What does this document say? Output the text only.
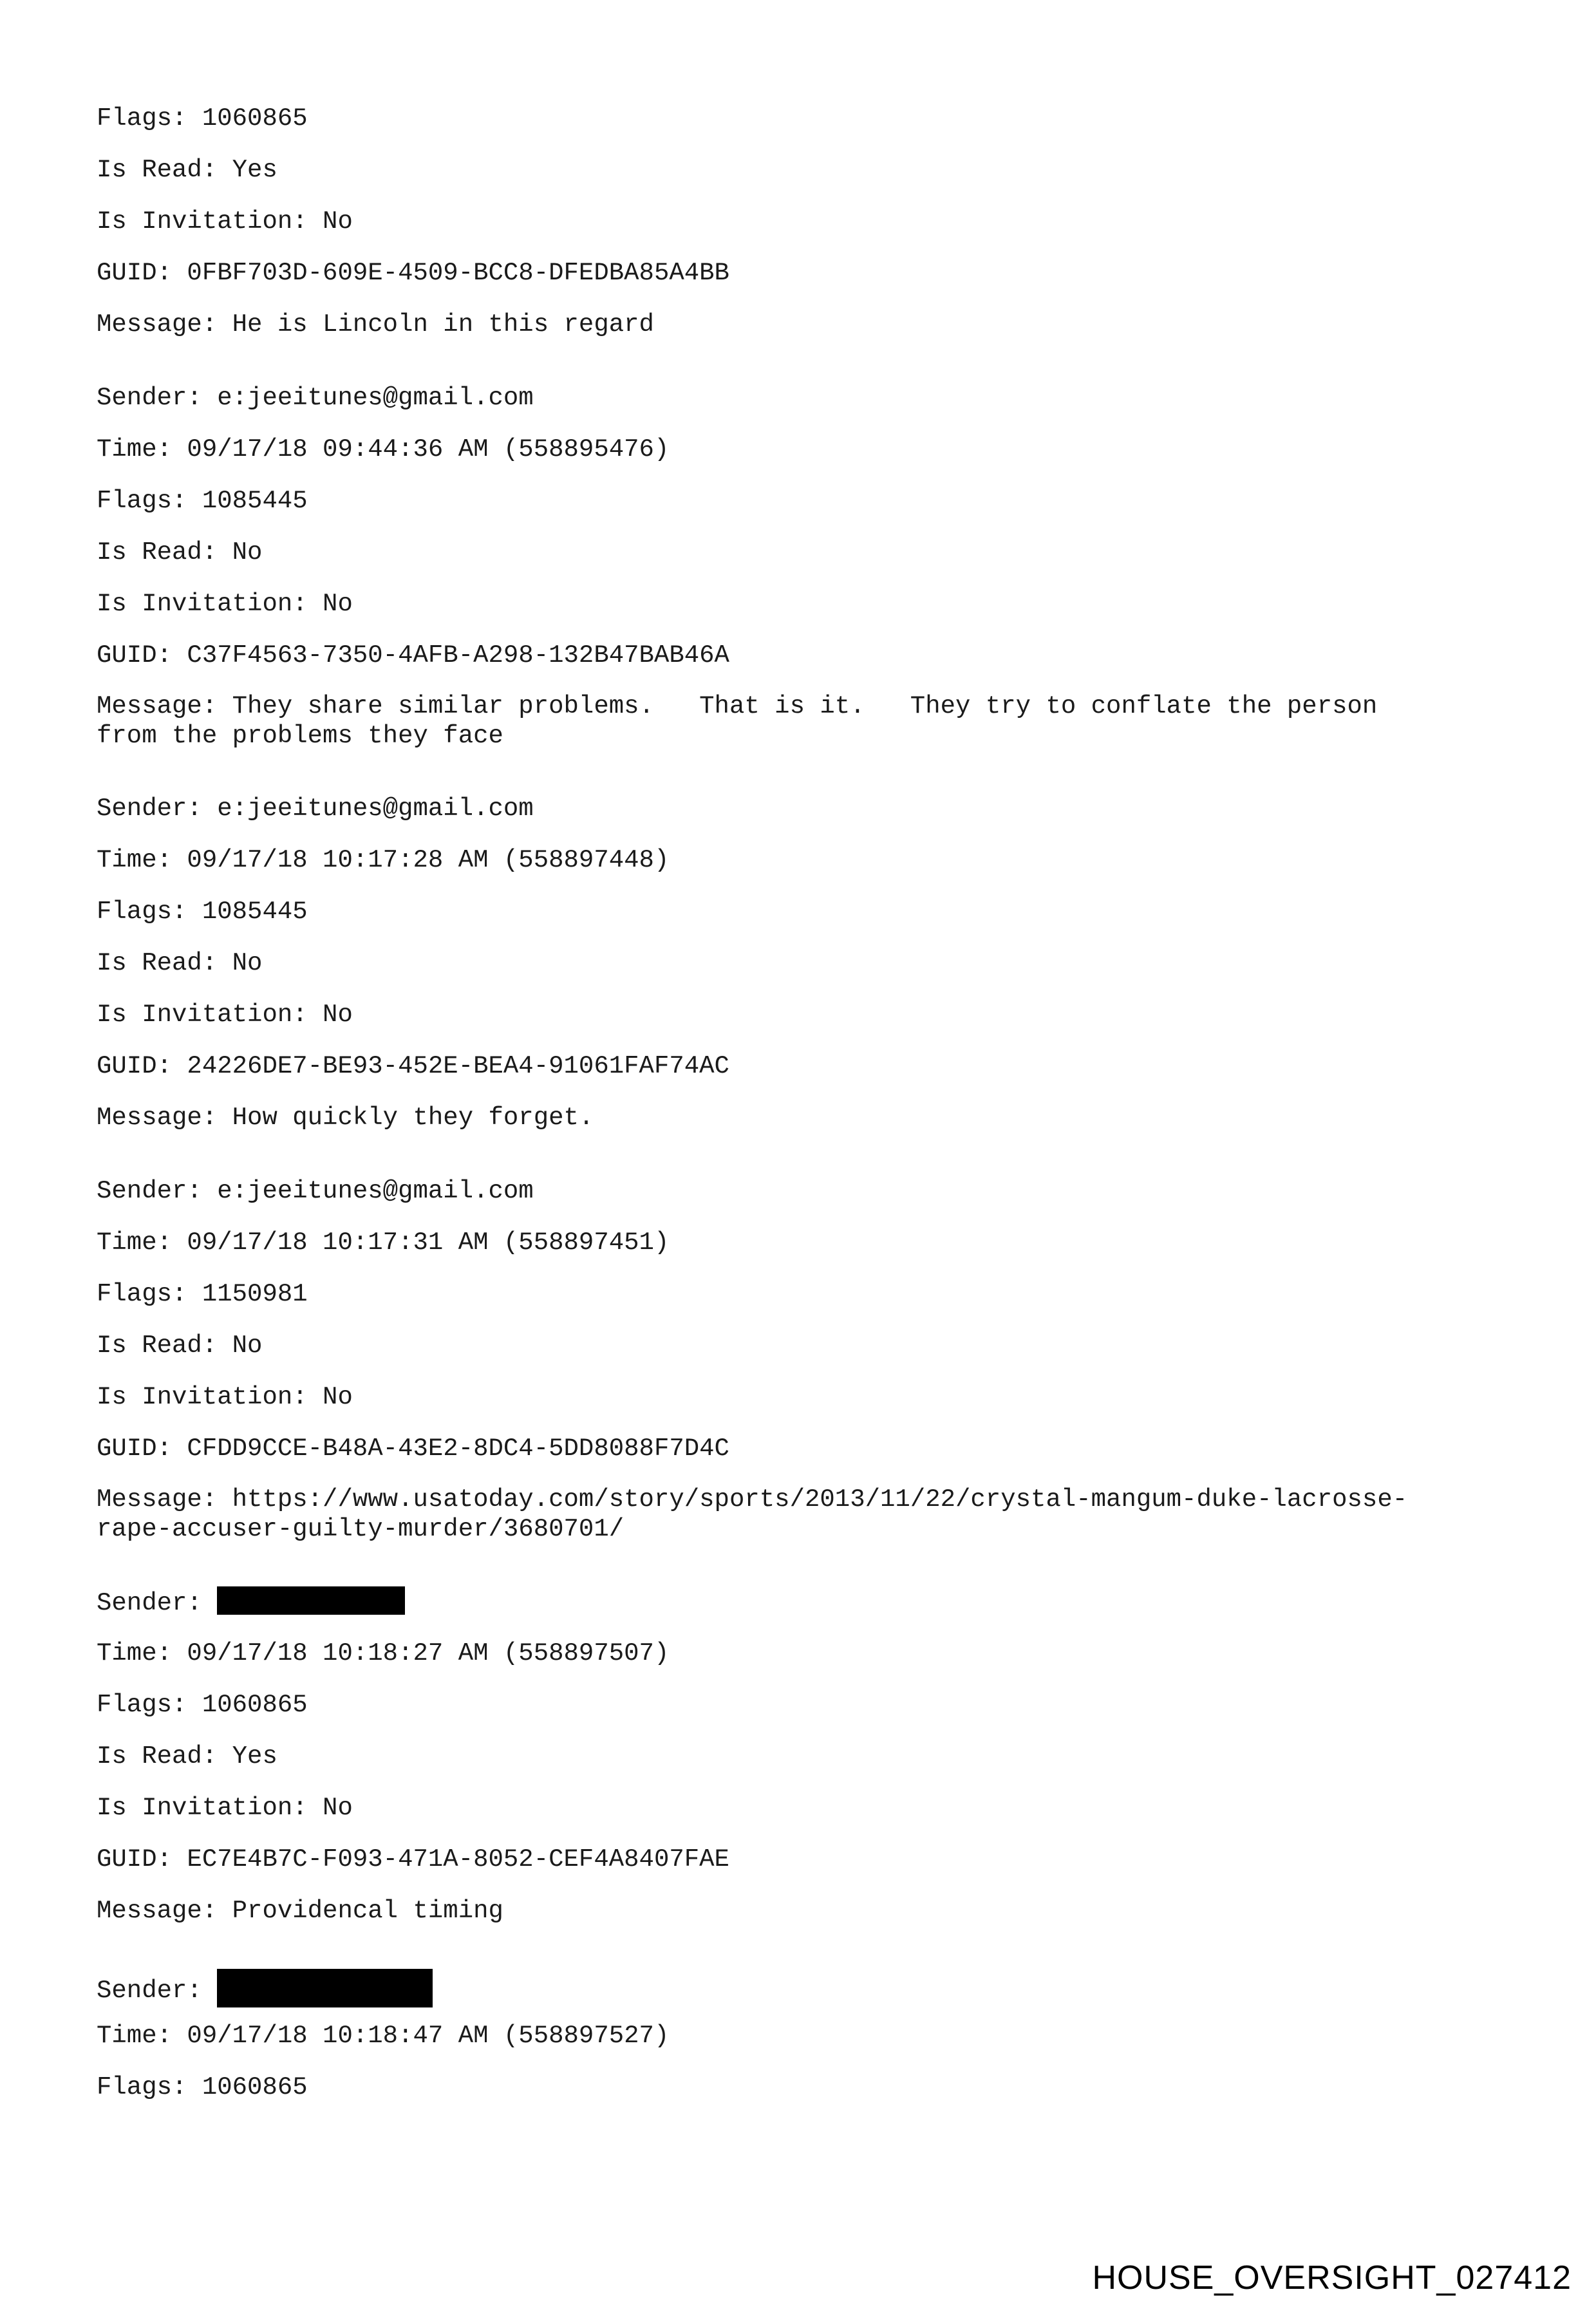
Flags: 1060865
Is Read: Yes
Is Invitation: No
GUID: 0FBF703D-609E-4509-BCC8-DFEDBA85A4BB
Message: He is Lincoln in this regard
Sender: e:jeeitunes@gmail.com
Time: 09/17/18 09:44:36 AM (558895476)
Flags: 1085445
Is Read: No
Is Invitation: No
GUID: C37F4563-7350-4AFB-A298-132B47BAB46A
Message: They share similar problems.   That is it.   They try to conflate the person
from the problems they face
Sender: e:jeeitunes@gmail.com
Time: 09/17/18 10:17:28 AM (558897448)
Flags: 1085445
Is Read: No
Is Invitation: No
GUID: 24226DE7-BE93-452E-BEA4-91061FAF74AC
Message: How quickly they forget.
Sender: e:jeeitunes@gmail.com
Time: 09/17/18 10:17:31 AM (558897451)
Flags: 1150981
Is Read: No
Is Invitation: No
GUID: CFDD9CCE-B48A-43E2-8DC4-5DD8088F7D4C
Message: https://www.usatoday.com/story/sports/2013/11/22/crystal-mangum-duke-lacrosse-
rape-accuser-guilty-murder/3680701/
Sender:
Time: 09/17/18 10:18:27 AM (558897507)
Flags: 1060865
Is Read: Yes
Is Invitation: No
GUID: EC7E4B7C-F093-471A-8052-CEF4A8407FAE
Message: Providencal timing
Sender:
Time: 09/17/18 10:18:47 AM (558897527)
Flags: 1060865
HOUSE_OVERSIGHT_027412
